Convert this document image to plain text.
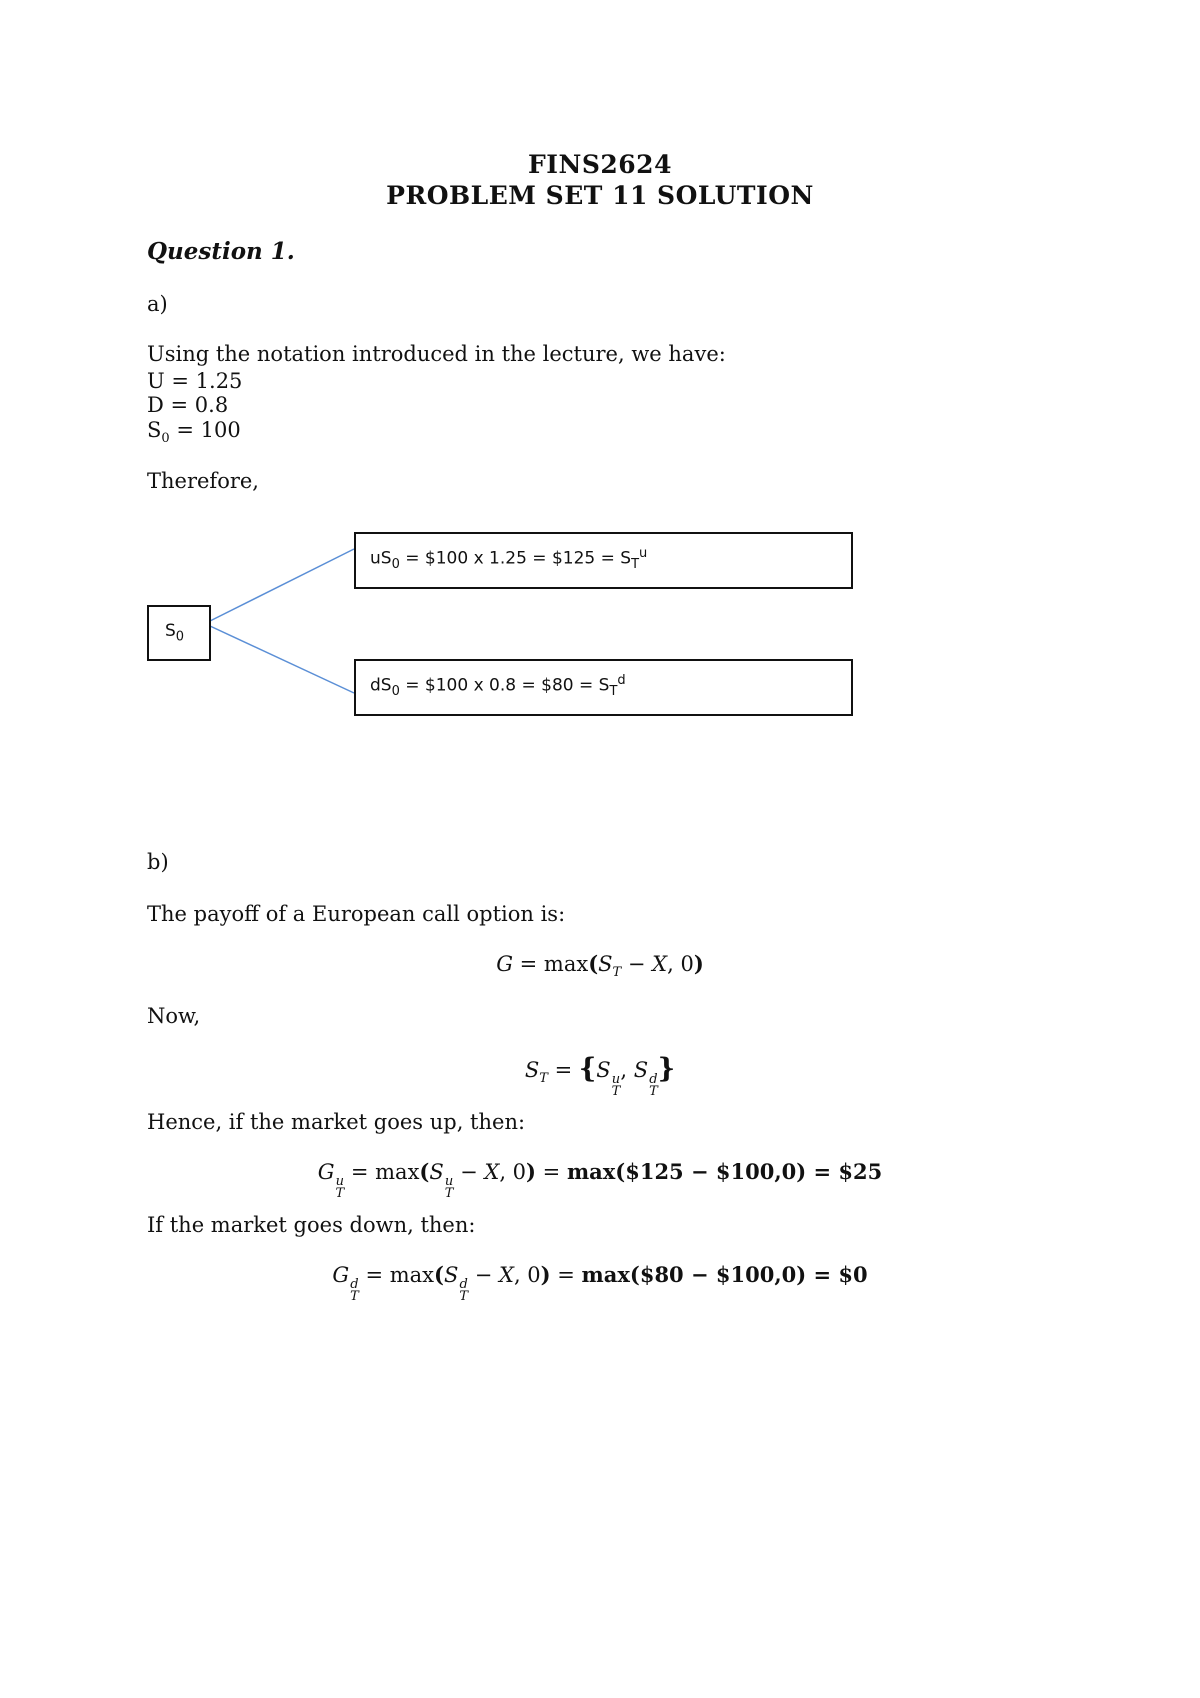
FINS2624
PROBLEM SET 11 SOLUTION
Question 1.
a)
Using the notation introduced in the lecture, we have:
U = 1.25
D = 0.8
$S_0 = 100$
Therefore,
$S_0$
$uS_0$ = $100 x 1.25 = $125 = $S_T^u$
$dS_0$ = $100 x 0.8 = $80 = $S_T^d$
b)
The payoff of a European call option is:
$G = \max(S_T - X$, 0)
Now,
$S_T = \{S$ u
T
, S d
T
}
Hence, if the market goes up, then:
G u
T
= max(S u
T
− X, 0) = max($125 − $100,0) = $25
If the market goes down, then:
G d
T
= max(S d
T
− X, 0) = max($80 − $100,0) = $0
